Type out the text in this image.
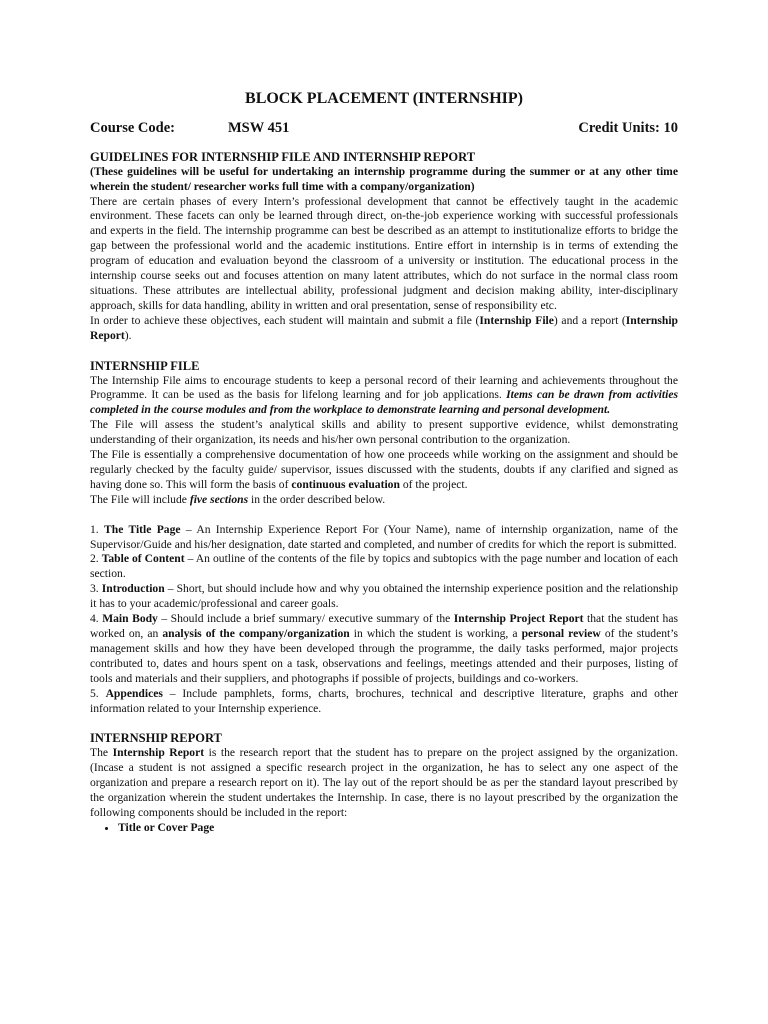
BLOCK PLACEMENT (INTERNSHIP)
Course Code:	MSW 451	Credit Units: 10
GUIDELINES FOR INTERNSHIP FILE AND INTERNSHIP REPORT

(These guidelines will be useful for undertaking an internship programme during the summer or at any other time wherein the student/ researcher works full time with a company/organization)

There are certain phases of every Intern’s professional development that cannot be effectively taught in the academic environment. These facets can only be learned through direct, on-the-job experience working with successful professionals and experts in the field. The internship programme can best be described as an attempt to institutionalize efforts to bridge the gap between the professional world and the academic institutions. Entire effort in internship is in terms of extending the program of education and evaluation beyond the classroom of a university or institution. The educational process in the internship course seeks out and focuses attention on many latent attributes, which do not surface in the normal class room situations. These attributes are intellectual ability, professional judgment and decision making ability, inter-disciplinary approach, skills for data handling, ability in written and oral presentation, sense of responsibility etc.

In order to achieve these objectives, each student will maintain and submit a file (Internship File) and a report (Internship Report).

INTERNSHIP FILE

The Internship File aims to encourage students to keep a personal record of their learning and achievements throughout the Programme. It can be used as the basis for lifelong learning and for job applications. Items can be drawn from activities completed in the course modules and from the workplace to demonstrate learning and personal development.

The File will assess the student’s analytical skills and ability to present supportive evidence, whilst demonstrating understanding of their organization, its needs and his/her own personal contribution to the organization.

The File is essentially a comprehensive documentation of how one proceeds while working on the assignment and should be regularly checked by the faculty guide/ supervisor, issues discussed with the students, doubts if any clarified and signed as having done so. This will form the basis of continuous evaluation of the project.

The File will include five sections in the order described below.

1. The Title Page – An Internship Experience Report For (Your Name), name of internship organization, name of the Supervisor/Guide and his/her designation, date started and completed, and number of credits for which the report is submitted.

2. Table of Content – An outline of the contents of the file by topics and subtopics with the page number and location of each section.

3. Introduction – Short, but should include how and why you obtained the internship experience position and the relationship it has to your academic/professional and career goals.

4. Main Body – Should include a brief summary/ executive summary of the Internship Project Report that the student has worked on, an analysis of the company/organization in which the student is working, a personal review of the student’s management skills and how they have been developed through the programme, the daily tasks performed, major projects contributed to, dates and hours spent on a task, observations and feelings, meetings attended and their purposes, listing of tools and materials and their suppliers, and photographs if possible of projects, buildings and co-workers.

5. Appendices – Include pamphlets, forms, charts, brochures, technical and descriptive literature, graphs and other information related to your Internship experience.

INTERNSHIP REPORT

The Internship Report is the research report that the student has to prepare on the project assigned by the organization. (Incase a student is not assigned a specific research project in the organization, he has to select any one aspect of the organization and prepare a research report on it). The lay out of the report should be as per the standard layout prescribed by the organization wherein the student undertakes the Internship. In case, there is no layout prescribed by the organization the following components should be included in the report:

• Title or Cover Page
